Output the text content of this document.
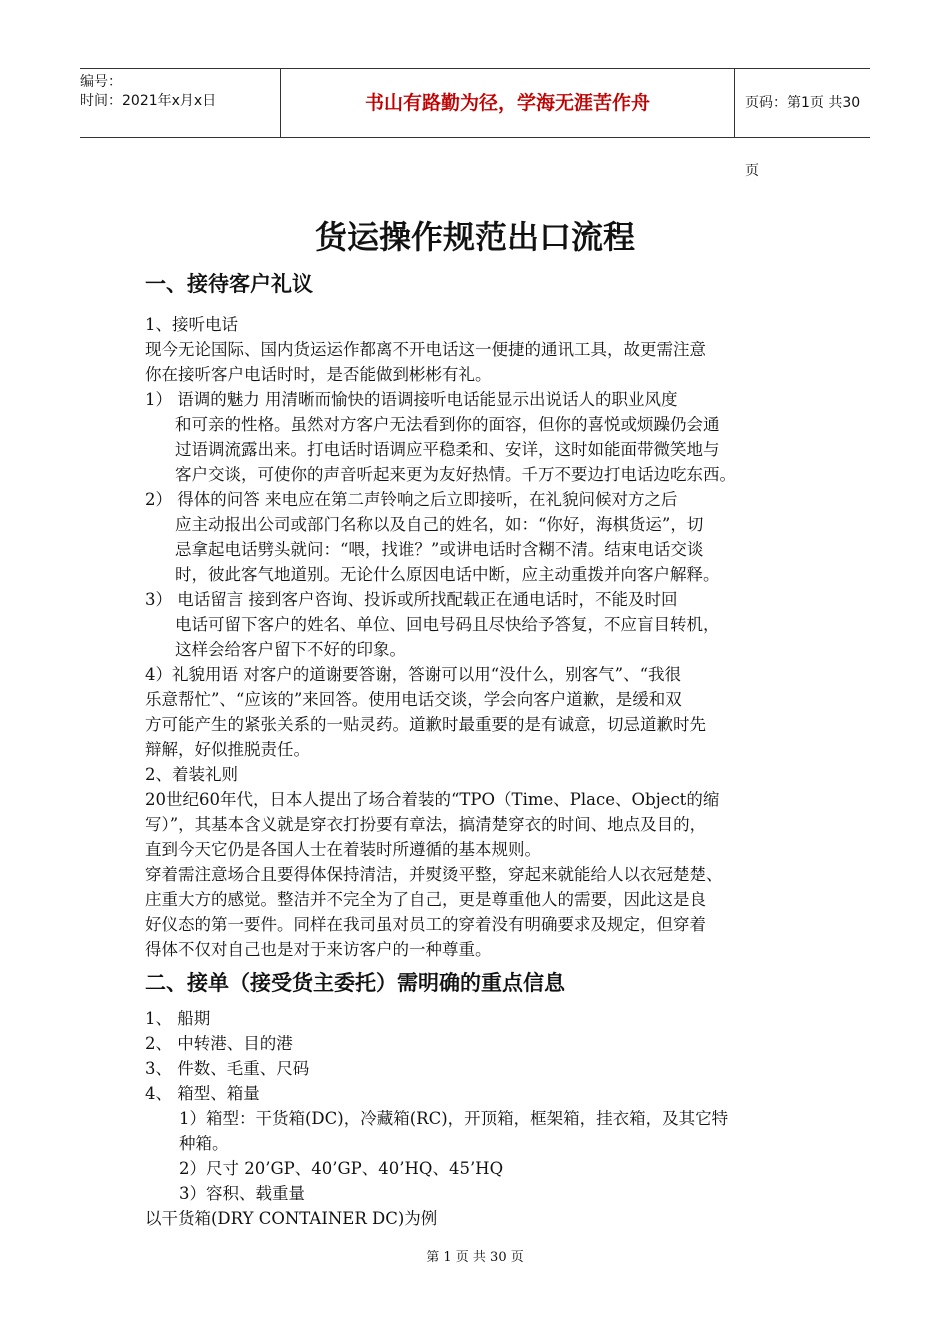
编号：
时间：2021年x月x日	书山有路勤为径，学海无涯苦作舟	页码：第1页 共30页
货运操作规范出口流程
一、接待客户礼议

1、接听电话

现今无论国际、国内货运运作都离不开电话这一便捷的通讯工具，故更需注意

你在接听客户电话时时，是否能做到彬彬有礼。

1） 语调的魅力 用清晰而愉快的语调接听电话能显示出说话人的职业风度

和可亲的性格。虽然对方客户无法看到你的面容，但你的喜悦或烦躁仍会通

过语调流露出来。打电话时语调应平稳柔和、安详，这时如能面带微笑地与

客户交谈，可使你的声音听起来更为友好热情。千万不要边打电话边吃东西。

2） 得体的问答 来电应在第二声铃响之后立即接听，在礼貌问候对方之后

应主动报出公司或部门名称以及自己的姓名，如：“你好，海棋货运”，切

忌拿起电话劈头就问：“喂，找谁？”或讲电话时含糊不清。结束电话交谈

时，彼此客气地道别。无论什么原因电话中断，应主动重拨并向客户解释。

3） 电话留言 接到客户咨询、投诉或所找配载正在通电话时，不能及时回

电话可留下客户的姓名、单位、回电号码且尽快给予答复，不应盲目转机，

这样会给客户留下不好的印象。

4）礼貌用语 对客户的道谢要答谢，答谢可以用“没什么，别客气”、“我很

乐意帮忙”、“应该的”来回答。使用电话交谈，学会向客户道歉，是缓和双

方可能产生的紧张关系的一贴灵药。道歉时最重要的是有诚意，切忌道歉时先

辩解，好似推脱责任。

2、着装礼则

20世纪60年代，日本人提出了场合着装的“TPO（Time、Place、Object的缩

写）”，其基本含义就是穿衣打扮要有章法，搞清楚穿衣的时间、地点及目的，

直到今天它仍是各国人士在着装时所遵循的基本规则。

穿着需注意场合且要得体保持清洁，并熨烫平整，穿起来就能给人以衣冠楚楚、

庄重大方的感觉。整洁并不完全为了自己，更是尊重他人的需要，因此这是良

好仪态的第一要件。同样在我司虽对员工的穿着没有明确要求及规定，但穿着

得体不仅对自己也是对于来访客户的一种尊重。

二、接单（接受货主委托）需明确的重点信息

1、 船期

2、 中转港、目的港

3、 件数、毛重、尺码

4、 箱型、箱量

1）箱型：干货箱(DC)，冷藏箱(RC)，开顶箱，框架箱，挂衣箱，及其它特

种箱。

2）尺寸 20’GP、40’GP、40’HQ、45’HQ

3）容积、载重量

以干货箱(DRY CONTAINER DC)为例

第 1 页 共 30 页
